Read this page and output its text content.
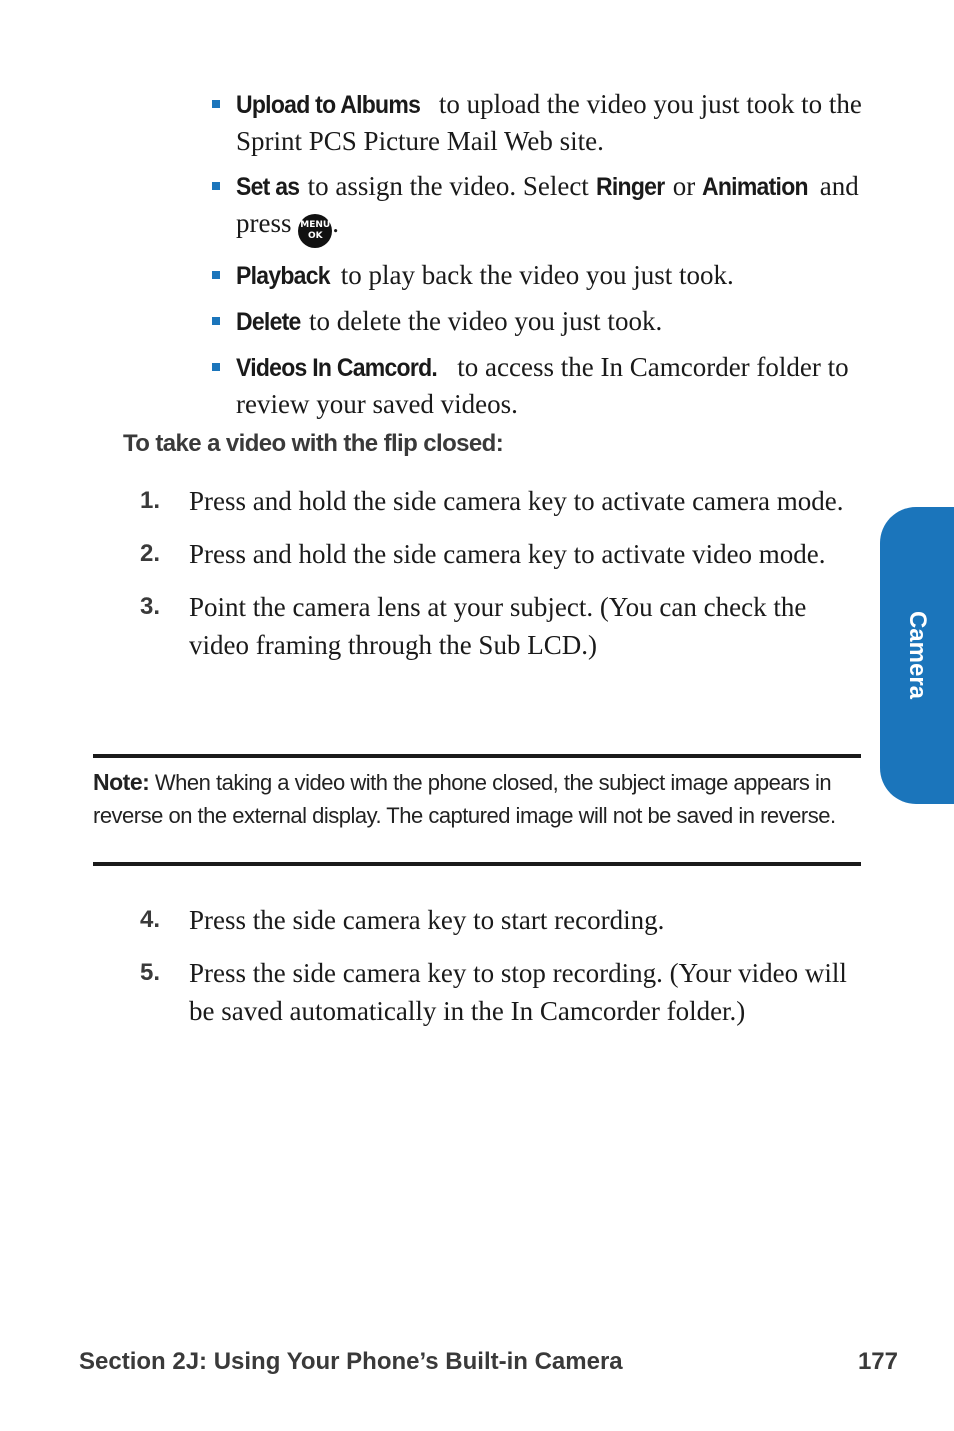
Upload to Albums to upload the video you just took to the Sprint PCS Picture Mail Web site.
Set as to assign the video. Select Ringer or Animation and press MENU
OK .
Playback to play back the video you just took.
Delete to delete the video you just took.
Videos In Camcord. to access the In Camcorder folder to review your saved videos.
To take a video with the flip closed:
1. Press and hold the side camera key to activate camera mode.
2. Press and hold the side camera key to activate video mode.
3. Point the camera lens at your subject. (You can check the video framing through the Sub LCD.)

Note: When taking a video with the phone closed, the subject image appears in reverse on the external display. The captured image will not be saved in reverse.

4. Press the side camera key to start recording.
5. Press the side camera key to stop recording. (Your video will be saved automatically in the In Camcorder folder.)
Camera
Section 2J: Using Your Phone’s Built-in Camera	177
